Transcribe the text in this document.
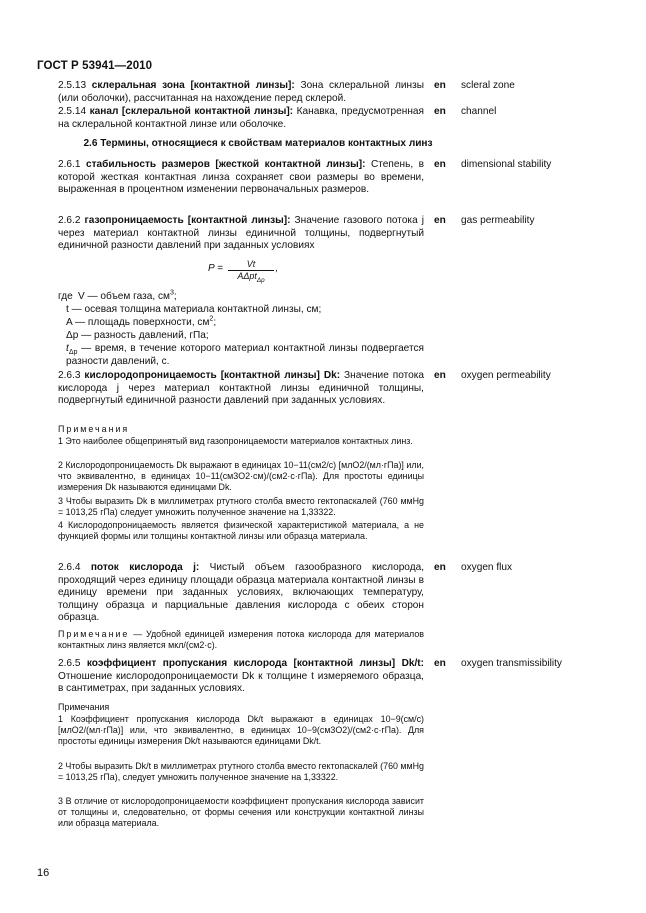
ГОСТ Р 53941—2010
2.5.13 склеральная зона [контактной линзы]: Зона склеральной линзы (или оболочки), рассчитанная на нахождение перед склерой.
en scleral zone
2.5.14 канал [склеральной контактной линзы]: Канавка, предусмотренная на склеральной контактной линзе или оболочке.
en channel
2.6 Термины, относящиеся к свойствам материалов контактных линз
2.6.1 стабильность размеров [жесткой контактной линзы]: Степень, в которой жесткая контактная линза сохраняет свои размеры во времени, выраженная в процентном изменении первоначальных размеров.
en dimensional stability
2.6.2 газопроницаемость [контактной линзы]: Значение газового потока j через материал контактной линзы единичной толщины, подвергнутый единичной разности давлений при заданных условиях
en gas permeability
P =	Vt
AΔpt$_{\Delta p}$
,
где V — объем газа, $см^3$;
t — осевая толщина материала контактной линзы, см;
A — площадь поверхности, $см^2$;
Δp — разность давлений, гПа;
$t_{\Delta p}$ — время, в течение которого материал контактной линзы подвергается разности давлений, с.
2.6.3 кислородопроницаемость [контактной линзы] Dk: Значение потока кислорода j через материал контактной линзы единичной толщины, подвергнутый единичной разности давлений при заданных условиях.
en oxygen permeability
Примечания
1 Это наиболее общепринятый вид газопроницаемости материалов контактных линз.
2 Кислородопроницаемость Dk выражают в единицах 10−11(см2/с) [млO2/(мл·гПа)] или, что эквивалентно, в единицах 10−11(см3O2·см)/(см2·с·гПа). Для простоты единицы измерения Dk называются единицами Dk.
3 Чтобы выразить Dk в миллиметрах ртутного столба вместо гектопаскалей (760 ммHg = 1013,25 гПа) следует умножить полученное значение на 1,33322.
4 Кислородопроницаемость является физической характеристикой материала, а не функцией формы или толщины контактной линзы или образца материала.
2.6.4 поток кислорода j: Чистый объем газообразного кислорода, проходящий через единицу площади образца материала контактной линзы в единицу времени при заданных условиях, включающих температуру, толщину образца и парциальные давления кислорода с обеих сторон образца.
en oxygen flux
Примечание — Удобной единицей измерения потока кислорода для материалов контактных линз является мкл/(см2·с).
2.6.5 коэффициент пропускания кислорода [контактной линзы] Dk/t: Отношение кислородопроницаемости Dk к толщине t измеряемого образца, в сантиметрах, при заданных условиях.
en oxygen transmissibility
Примечания
1 Коэффициент пропускания кислорода Dk/t выражают в единицах 10−9(см/с)[млO2/(мл·гПа)] или, что эквивалентно, в единицах 10−9(см3O2)/(см2·с·гПа). Для простоты единицы измерения Dk/t называются единицами Dk/t.
2 Чтобы выразить Dk/t в миллиметрах ртутного столба вместо гектопаскалей (760 ммHg = 1013,25 гПа), следует умножить полученное значение на 1,33322.
3 В отличие от кислородопроницаемости коэффициент пропускания кислорода зависит от толщины и, следовательно, от формы сечения или конструкции контактной линзы или образца материала.
16
